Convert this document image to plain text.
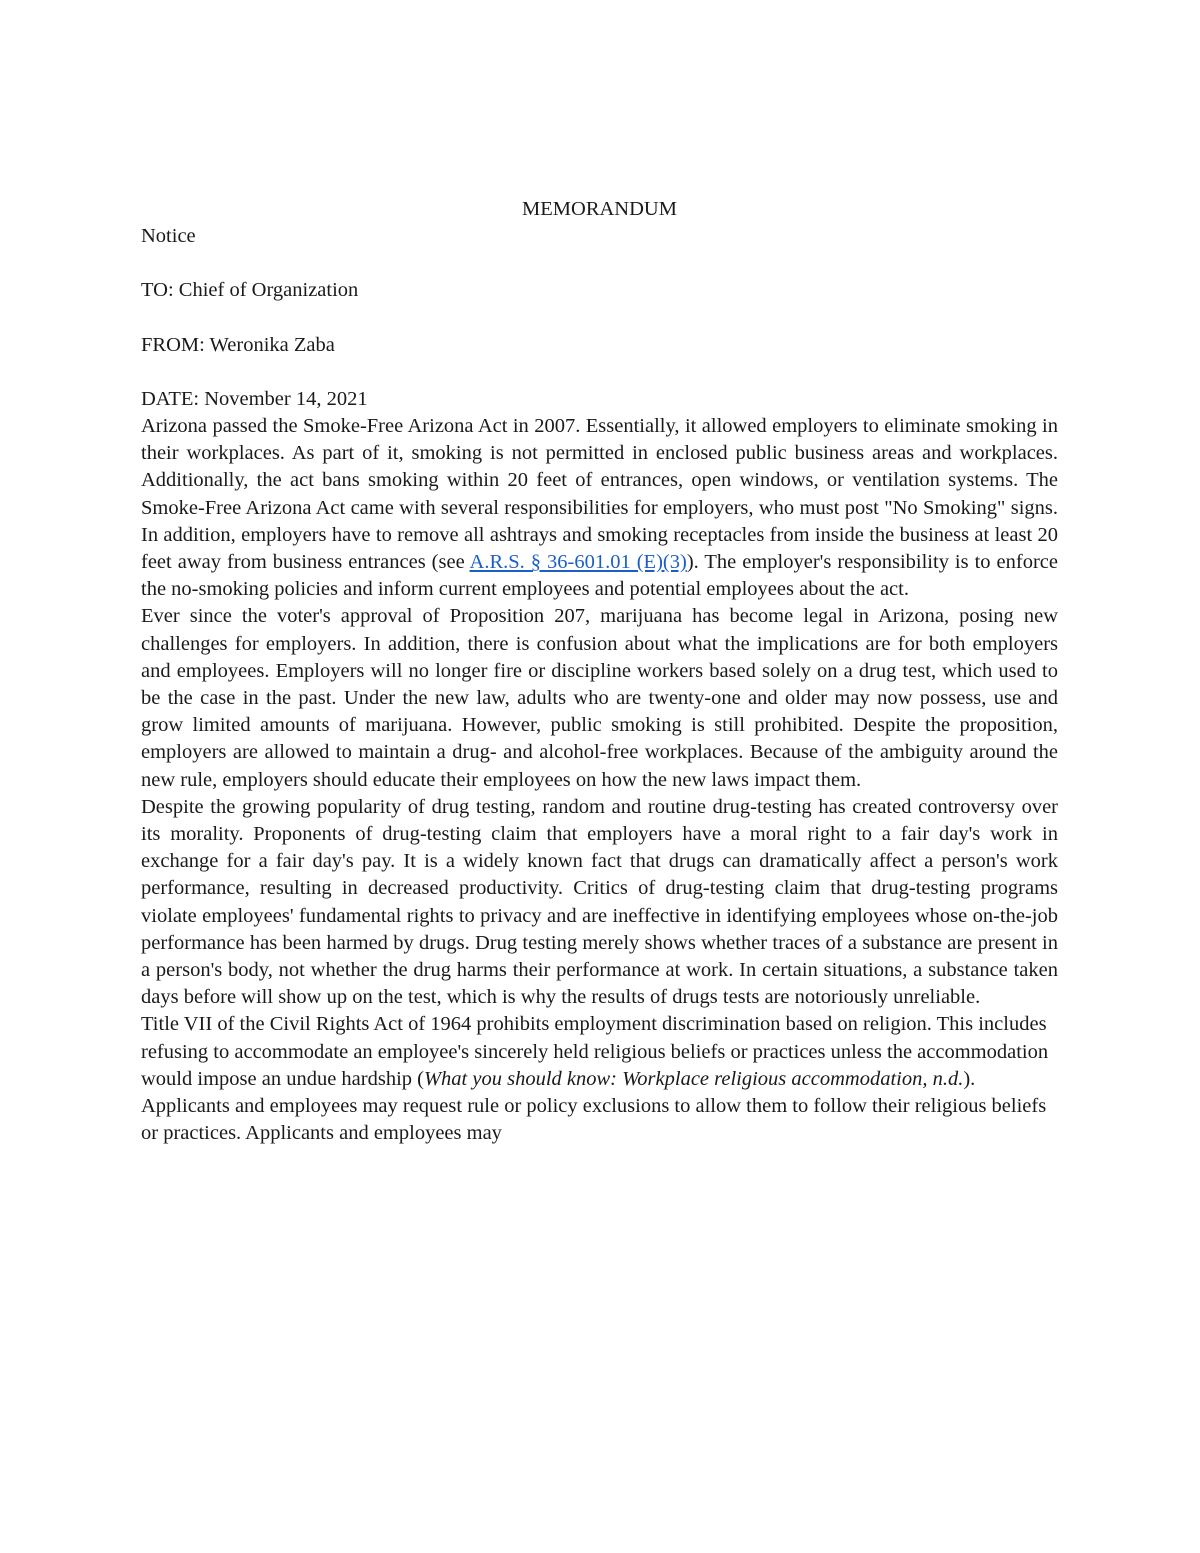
MEMORANDUM

Notice

TO: Chief of Organization

FROM: Weronika Zaba

DATE: November 14, 2021

Arizona passed the Smoke-Free Arizona Act in 2007. Essentially, it allowed employers to eliminate smoking in their workplaces. As part of it, smoking is not permitted in enclosed public business areas and workplaces. Additionally, the act bans smoking within 20 feet of entrances, open windows, or ventilation systems. The Smoke-Free Arizona Act came with several responsibilities for employers, who must post "No Smoking" signs. In addition, employers have to remove all ashtrays and smoking receptacles from inside the business at least 20 feet away from business entrances (see A.R.S. § 36-601.01 (E)(3)). The employer's responsibility is to enforce the no-smoking policies and inform current employees and potential employees about the act.

Ever since the voter's approval of Proposition 207, marijuana has become legal in Arizona, posing new challenges for employers. In addition, there is confusion about what the implications are for both employers and employees. Employers will no longer fire or discipline workers based solely on a drug test, which used to be the case in the past. Under the new law, adults who are twenty-one and older may now possess, use and grow limited amounts of marijuana. However, public smoking is still prohibited. Despite the proposition, employers are allowed to maintain a drug- and alcohol-free workplaces. Because of the ambiguity around the new rule, employers should educate their employees on how the new laws impact them.

Despite the growing popularity of drug testing, random and routine drug-testing has created controversy over its morality. Proponents of drug-testing claim that employers have a moral right to a fair day's work in exchange for a fair day's pay. It is a widely known fact that drugs can dramatically affect a person's work performance, resulting in decreased productivity. Critics of drug-testing claim that drug-testing programs violate employees' fundamental rights to privacy and are ineffective in identifying employees whose on-the-job performance has been harmed by drugs. Drug testing merely shows whether traces of a substance are present in a person's body, not whether the drug harms their performance at work. In certain situations, a substance taken days before will show up on the test, which is why the results of drugs tests are notoriously unreliable.

Title VII of the Civil Rights Act of 1964 prohibits employment discrimination based on religion. This includes refusing to accommodate an employee's sincerely held religious beliefs or practices unless the accommodation would impose an undue hardship (What you should know: Workplace religious accommodation, n.d.). Applicants and employees may request rule or policy exclusions to allow them to follow their religious beliefs or practices. Applicants and employees may
